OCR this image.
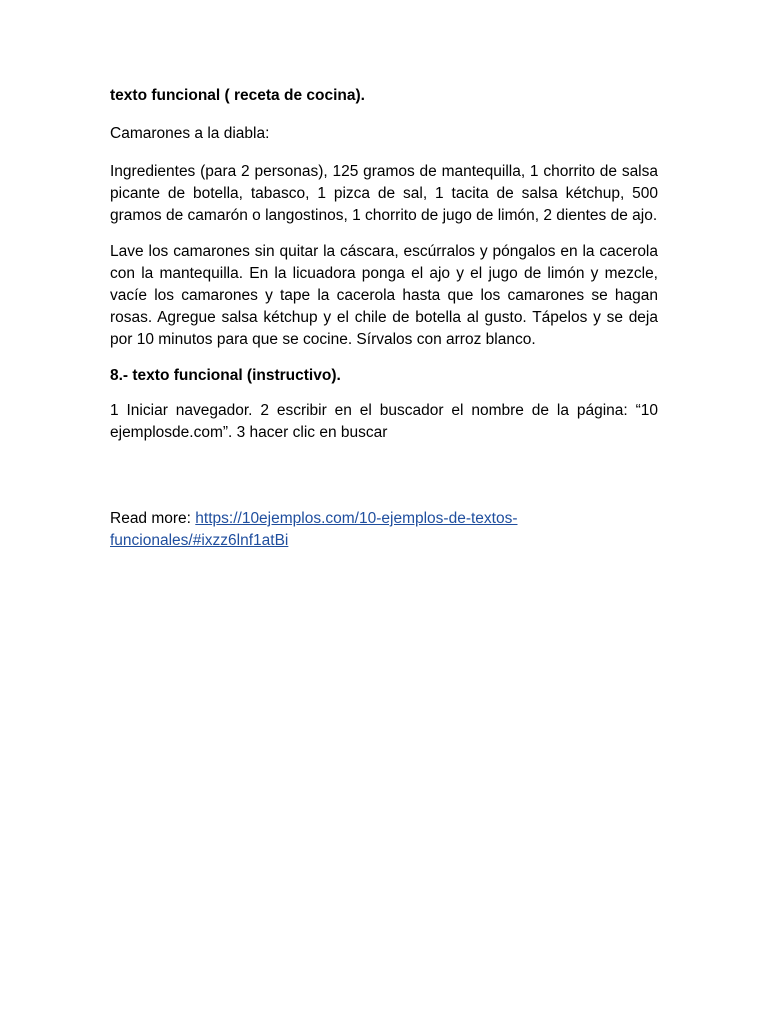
texto funcional ( receta de cocina).

Camarones a la diabla:

Ingredientes (para 2 personas), 125 gramos de mantequilla, 1 chorrito de salsa picante de botella, tabasco, 1 pizca de sal, 1 tacita de salsa kétchup, 500 gramos de camarón o langostinos, 1 chorrito de jugo de limón, 2 dientes de ajo.

Lave los camarones sin quitar la cáscara, escúrralos y póngalos en la cacerola con la mantequilla. En la licuadora ponga el ajo y el jugo de limón y mezcle, vacíe los camarones y tape la cacerola hasta que los camarones se hagan rosas. Agregue salsa kétchup y el chile de botella al gusto. Tápelos y se deja por 10 minutos para que se cocine. Sírvalos con arroz blanco.

8.- texto funcional (instructivo).

1 Iniciar navegador. 2 escribir en el buscador el nombre de la página: “10 ejemplosde.com”. 3 hacer clic en buscar

Read more: https://10ejemplos.com/10-ejemplos-de-textos-funcionales/#ixzz6lnf1atBi
